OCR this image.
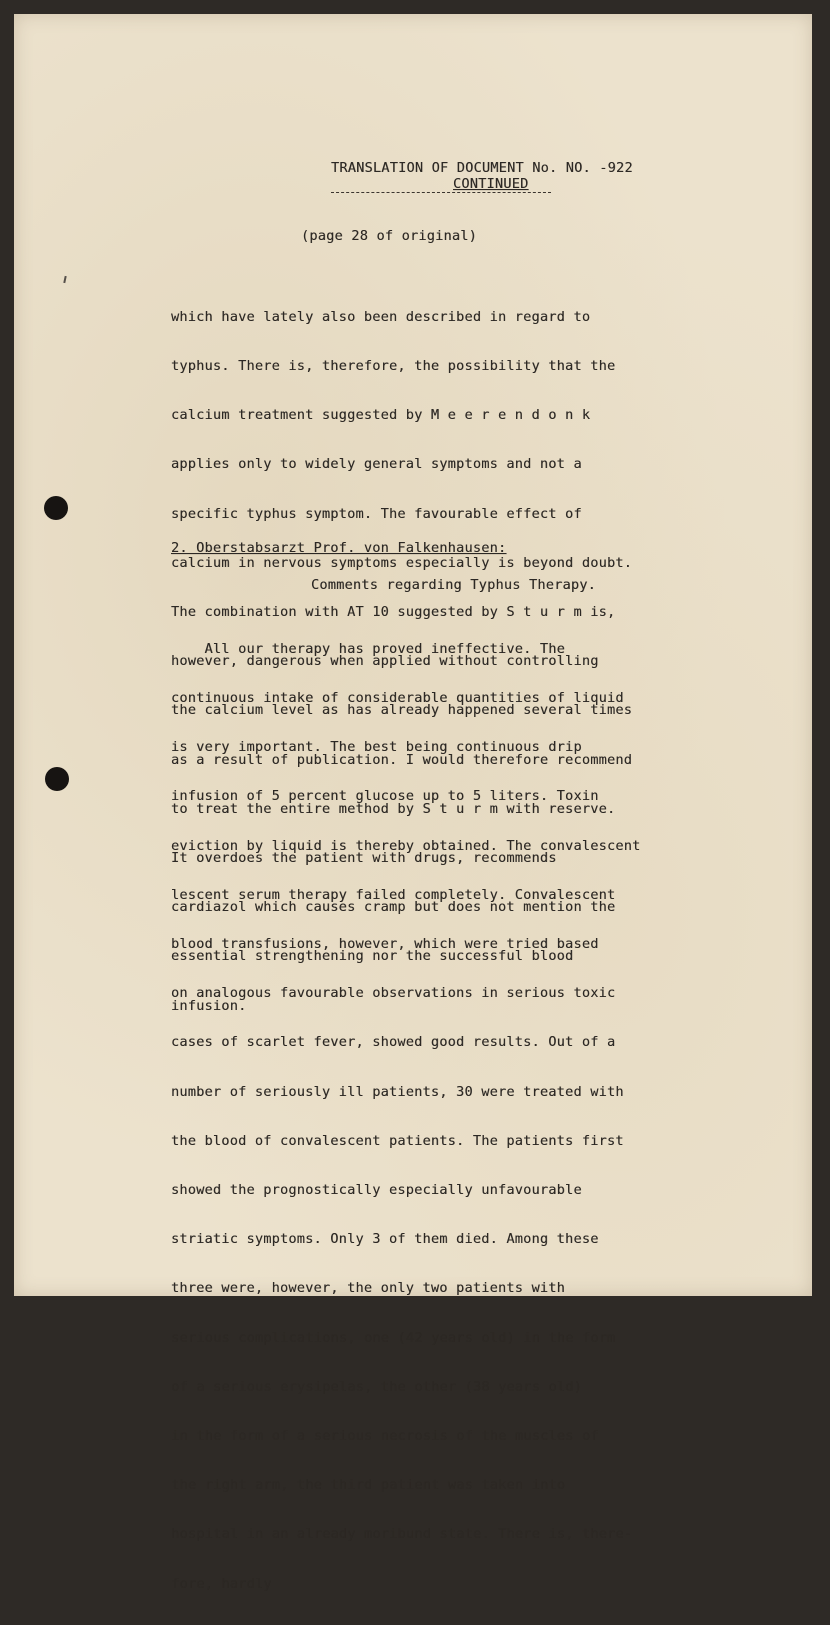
TRANSLATION OF DOCUMENT No. NO. -922
CONTINUED
(page 28 of original)

which have lately also been described in regard to

typhus. There is, therefore, the possibility that the

calcium treatment suggested by M e e r e n d o n k

applies only to widely general symptoms and not a

specific typhus symptom. The favourable effect of

calcium in nervous symptoms especially is beyond doubt.

The combination with AT 10 suggested by S t u r m is,

however, dangerous when applied without controlling

the calcium level as has already happened several times

as a result of publication. I would therefore recommend

to treat the entire method by S t u r m with reserve.

It overdoes the patient with drugs, recommends

cardiazol which causes cramp but does not mention the

essential strengthening nor the successful blood

infusion.

2. Oberstabsarzt Prof. von Falkenhausen:
Comments regarding Typhus Therapy.

All our therapy has proved ineffective. The

continuous intake of considerable quantities of liquid

is very important. The best being continuous drip

infusion of 5 percent glucose up to 5 liters. Toxin

eviction by liquid is thereby obtained. The convalescent

lescent serum therapy failed completely. Convalescent

blood transfusions, however, which were tried based

on analogous favourable observations in serious toxic

cases of scarlet fever, showed good results. Out of a

number of seriously ill patients, 30 were treated with

the blood of convalescent patients. The patients first

showed the prognostically especially unfavourable

striatic symptoms. Only 3 of them died. Among these

three were, however, the only two patients with

serious complications, one (42 years old) in the form

of a serious erysipelas, the other (38 years old)

in the form of a serious necrosis of the muscles of

the right arm, the third patient was taken into

hospital in an already moribund state. There is, there-

fore, hardly
